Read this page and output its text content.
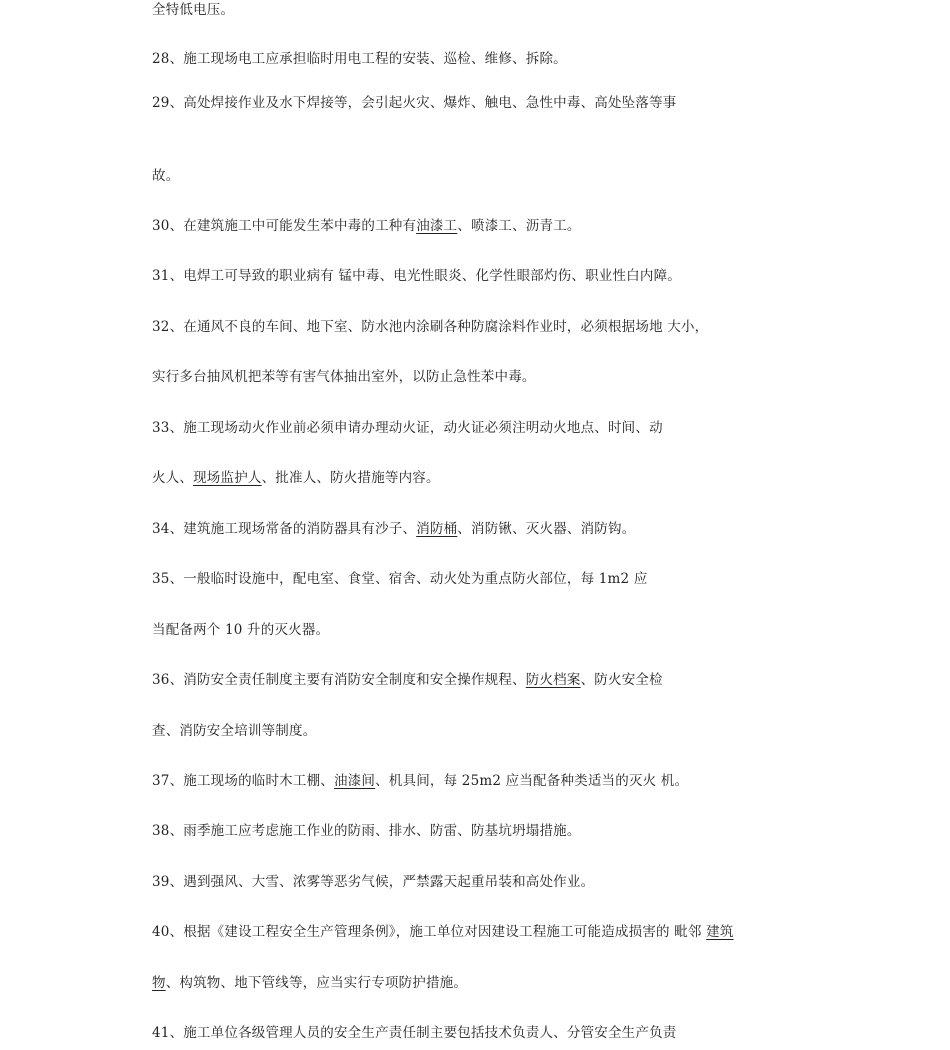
全特低电压。
28、施工现场电工应承担临时用电工程的安装、巡检、维修、拆除。
29、高处焊接作业及水下焊接等，会引起火灾、爆炸、触电、急性中毒、高处坠落等事
故。
30、在建筑施工中可能发生苯中毒的工种有油漆工、喷漆工、沥青工。
31、电焊工可导致的职业病有 锰中毒、电光性眼炎、化学性眼部灼伤、职业性白内障。
32、在通风不良的车间、地下室、防水池内涂刷各种防腐涂料作业时，必须根据场地 大小，
实行多台抽风机把苯等有害气体抽出室外，以防止急性苯中毒。
33、施工现场动火作业前必须申请办理动火证，动火证必须注明动火地点、时间、动
火人、现场监护人、批准人、防火措施等内容。
34、建筑施工现场常备的消防器具有沙子、消防桶、消防锹、灭火器、消防钩。
35、一般临时设施中，配电室、食堂、宿舍、动火处为重点防火部位，每 1m2 应
当配备两个 10 升的灭火器。
36、消防安全责任制度主要有消防安全制度和安全操作规程、防火档案、防火安全检
查、消防安全培训等制度。
37、施工现场的临时木工棚、油漆间、机具间，每 25m2 应当配备种类适当的灭火 机。
38、雨季施工应考虑施工作业的防雨、排水、防雷、防基坑坍塌措施。
39、遇到强风、大雪、浓雾等恶劣气候，严禁露天起重吊装和高处作业。
40、根据《建设工程安全生产管理条例》，施工单位对因建设工程施工可能造成损害的 毗邻 建筑
物、构筑物、地下管线等，应当实行专项防护措施。
41、施工单位各级管理人员的安全生产责任制主要包括技术负责人、分管安全生产负责
